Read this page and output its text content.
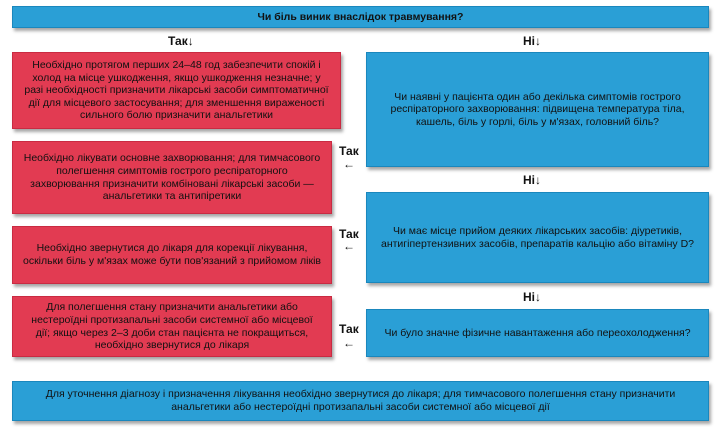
Чи біль виник внаслідок травмування?
Так↓	Ні↓
Необхідно протягом перших 24–48 год забезпечити спокій і холод на місце ушкодження, якщо ушкодження незначне; у разі необхідності призначити лікарські засоби симптоматичної дії для місцевого застосування; для зменшення вираженості сильного болю призначити анальгетики
Чи наявні у пацієнта один або декілька симптомів гострого респіраторного захворювання: підвищена температура тіла, кашель, біль у горлі, біль у м'язах, головний біль?
Необхідно лікувати основне захворювання; для тимчасового полегшення симптомів гострого респіраторного захворювання призначити комбіновані лікарські засоби — анальгетики та антипіретики
Так
←
Ні↓
Чи має місце прийом деяких лікарських засобів: діуретиків, антигіпертензивних засобів, препаратів кальцію або вітаміну D?
Необхідно звернутися до лікаря для корекції лікування, оскільки біль у м'язах може бути пов'язаний з прийомом ліків
Так
←
Ні↓
Для полегшення стану призначити анальгетики або нестероїдні протизапальні засоби системної або місцевої дії; якщо через 2–3 доби стан пацієнта не покращиться, необхідно звернутися до лікаря
Так
←
Чи було значне фізичне навантаження або переохолодження?
Для уточнення діагнозу і призначення лікування необхідно звернутися до лікаря; для тимчасового полегшення стану призначити анальгетики або нестероїдні протизапальні засоби системної або місцевої дії
